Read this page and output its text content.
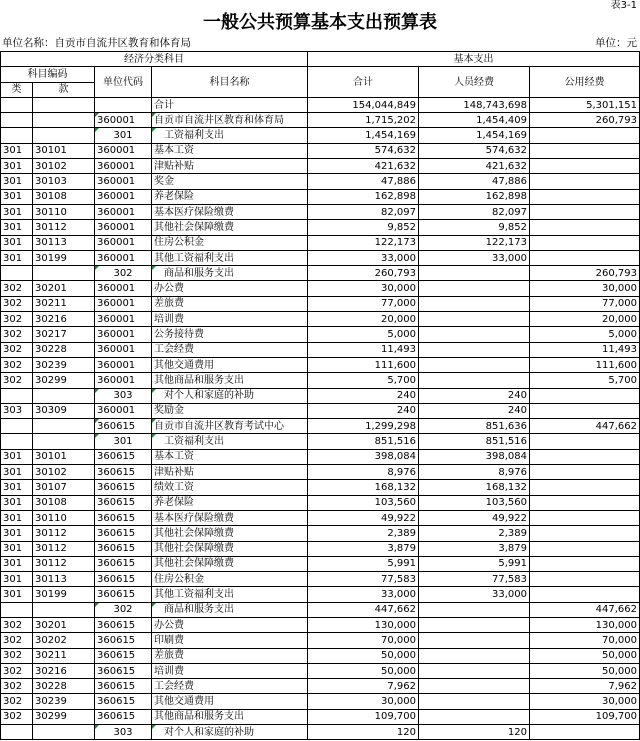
表3-1
一般公共预算基本支出预算表
单位名称：自贡市自流井区教育和体育局	单位：元
经济分类科目				基本支出		
科目编码		单位代码	科目名称	合计	人员经费	公用经费
类	款					
			合计	154,044,849	148,743,698	5,301,151
		360001	自贡市自流井区教育和体育局	1,715,202	1,454,409	260,793
		301	工资福利支出	1,454,169	1,454,169	
301	30101	360001	基本工资	574,632	574,632	
301	30102	360001	津贴补贴	421,632	421,632	
301	30103	360001	奖金	47,886	47,886	
301	30108	360001	养老保险	162,898	162,898	
301	30110	360001	基本医疗保险缴费	82,097	82,097	
301	30112	360001	其他社会保障缴费	9,852	9,852	
301	30113	360001	住房公积金	122,173	122,173	
301	30199	360001	其他工资福利支出	33,000	33,000	
		302	商品和服务支出	260,793		260,793
302	30201	360001	办公费	30,000		30,000
302	30211	360001	差旅费	77,000		77,000
302	30216	360001	培训费	20,000		20,000
302	30217	360001	公务接待费	5,000		5,000
302	30228	360001	工会经费	11,493		11,493
302	30239	360001	其他交通费用	111,600		111,600
302	30299	360001	其他商品和服务支出	5,700		5,700
		303	对个人和家庭的补助	240	240	
303	30309	360001	奖励金	240	240	
		360615	自贡市自流井区教育考试中心	1,299,298	851,636	447,662
		301	工资福利支出	851,516	851,516	
301	30101	360615	基本工资	398,084	398,084	
301	30102	360615	津贴补贴	8,976	8,976	
301	30107	360615	绩效工资	168,132	168,132	
301	30108	360615	养老保险	103,560	103,560	
301	30110	360615	基本医疗保险缴费	49,922	49,922	
301	30112	360615	其他社会保障缴费	2,389	2,389	
301	30112	360615	其他社会保障缴费	3,879	3,879	
301	30112	360615	其他社会保障缴费	5,991	5,991	
301	30113	360615	住房公积金	77,583	77,583	
301	30199	360615	其他工资福利支出	33,000	33,000	
		302	商品和服务支出	447,662		447,662
302	30201	360615	办公费	130,000		130,000
302	30202	360615	印刷费	70,000		70,000
302	30211	360615	差旅费	50,000		50,000
302	30216	360615	培训费	50,000		50,000
302	30228	360615	工会经费	7,962		7,962
302	30239	360615	其他交通费用	30,000		30,000
302	30299	360615	其他商品和服务支出	109,700		109,700
		303	对个人和家庭的补助	120	120	
